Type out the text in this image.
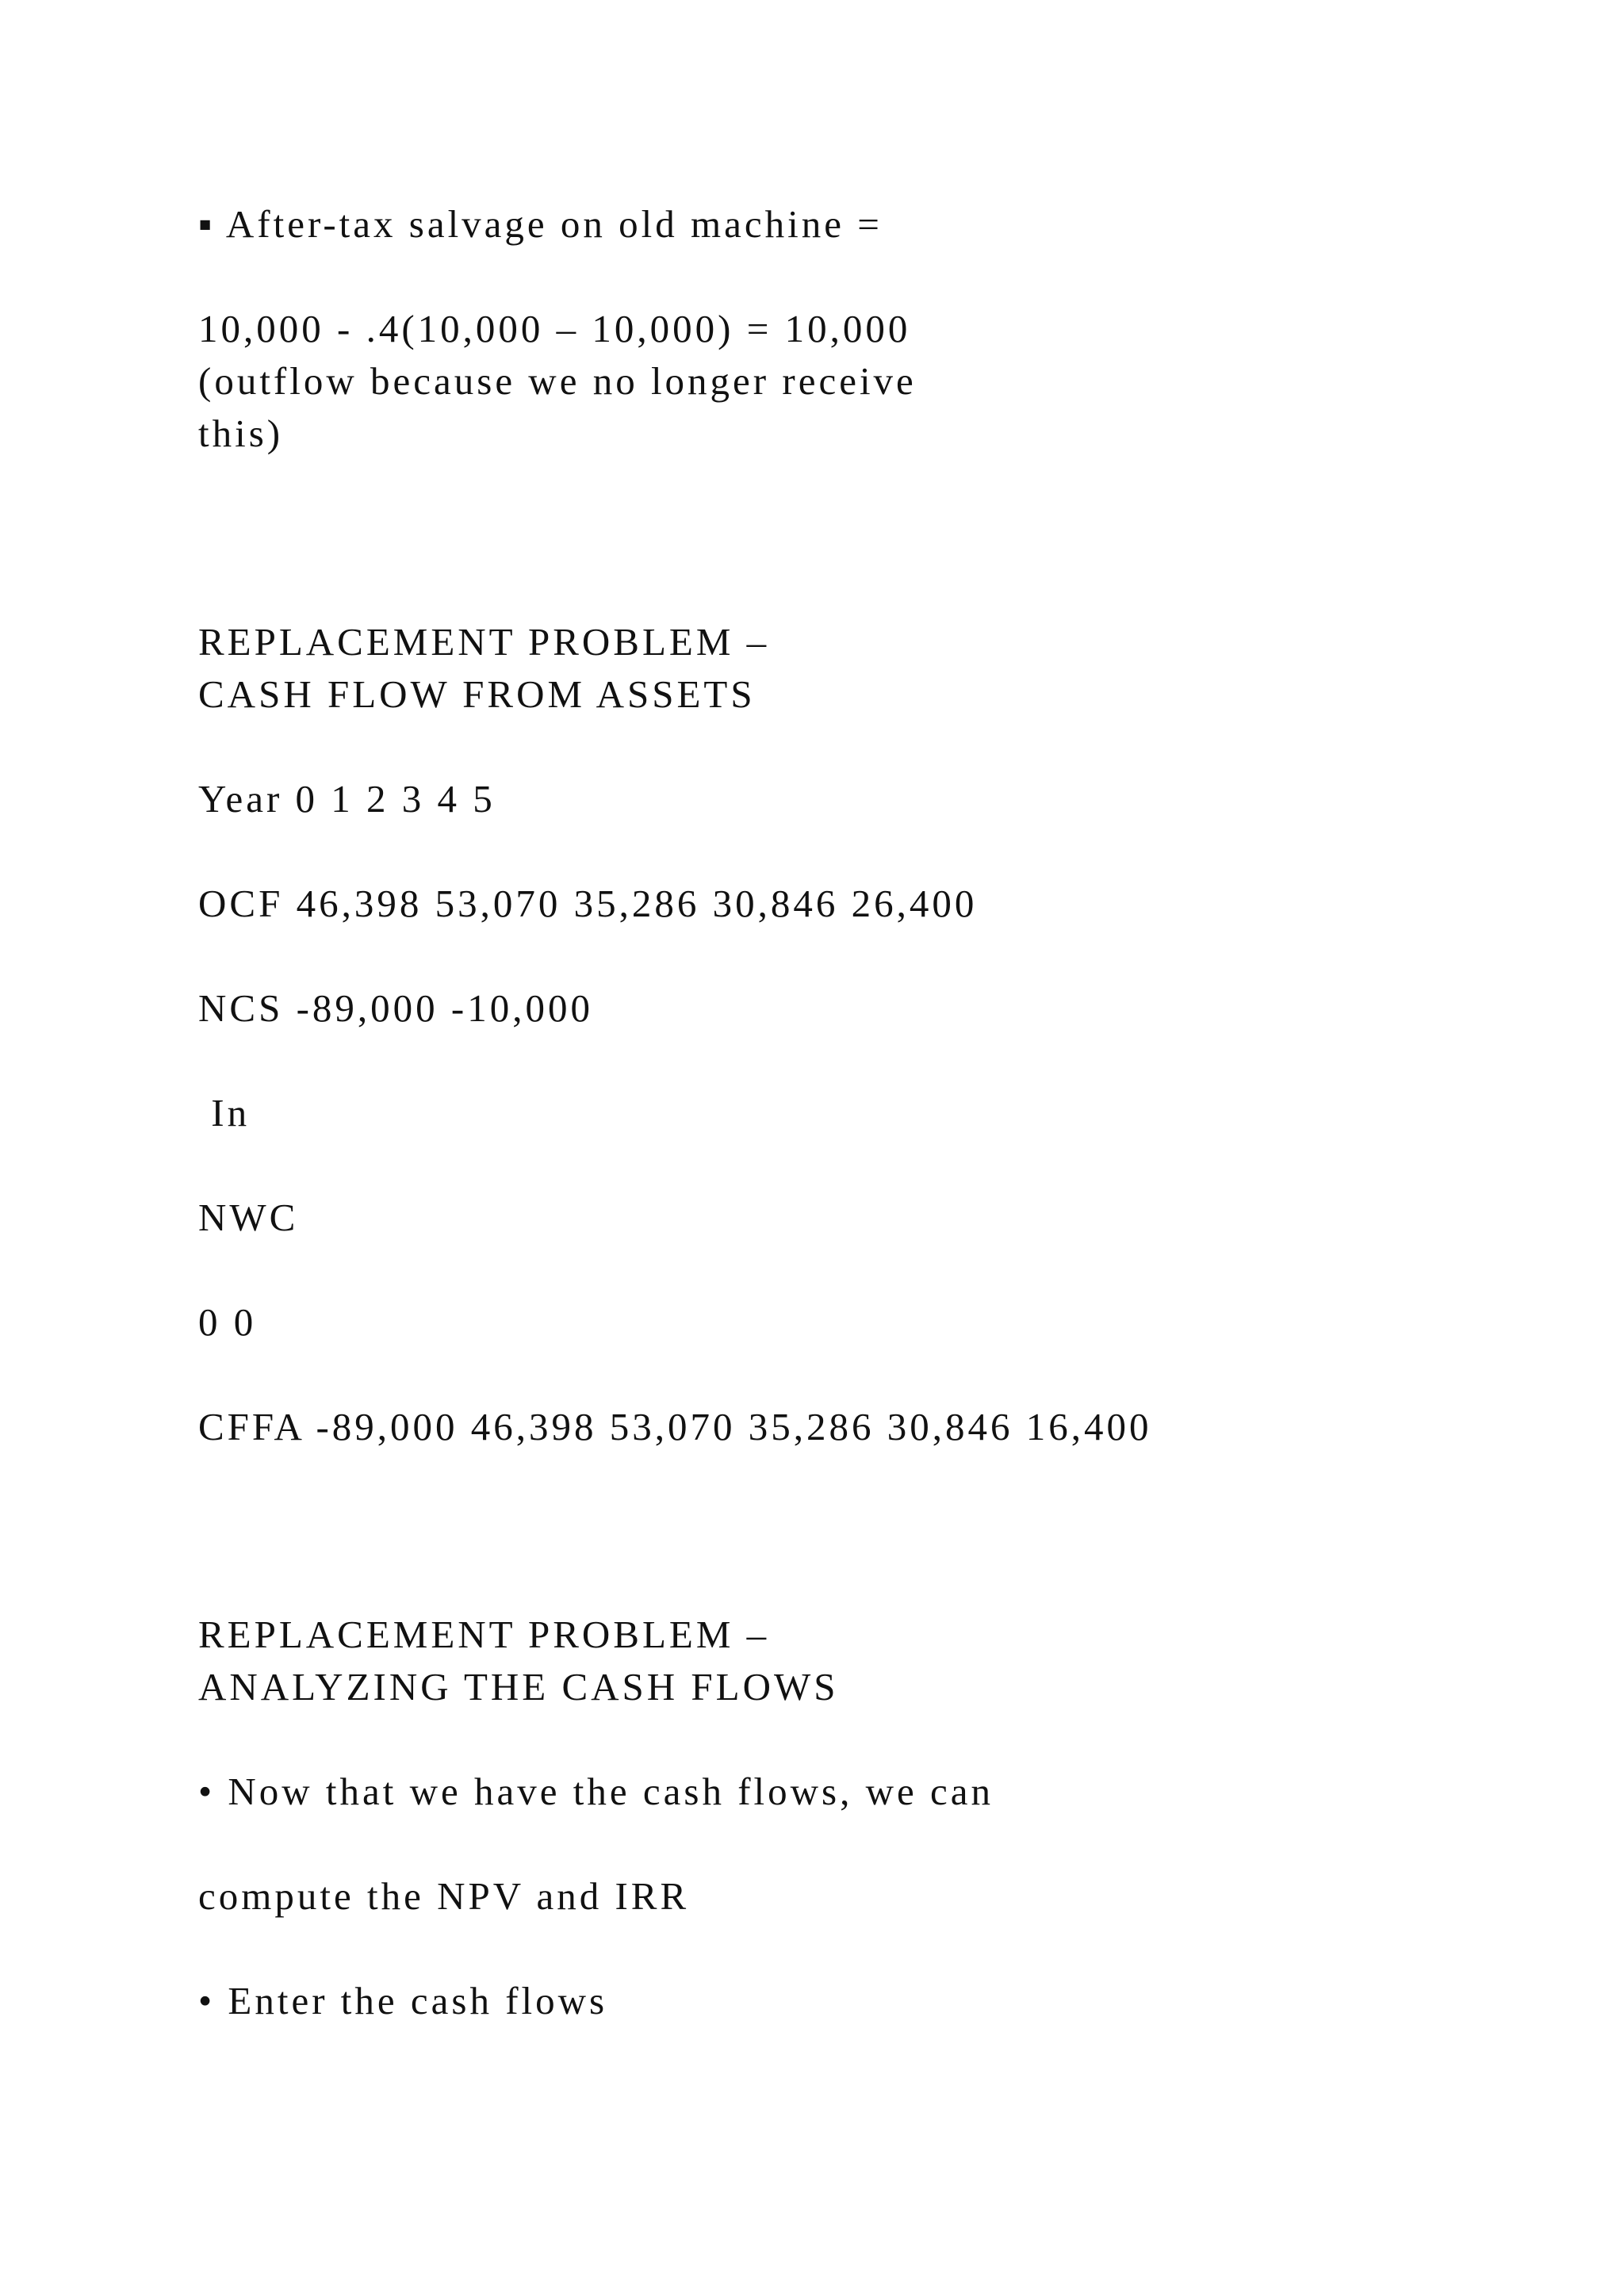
▪ After-tax salvage on old machine =

10,000 - .4(10,000 – 10,000) = 10,000

(outflow because we no longer receive

this)

REPLACEMENT PROBLEM –

CASH FLOW FROM ASSETS

Year 0 1 2 3 4 5

OCF 46,398 53,070 35,286 30,846 26,400

NCS -89,000 -10,000

In

NWC

0 0

CFFA -89,000 46,398 53,070 35,286 30,846 16,400

REPLACEMENT PROBLEM –

ANALYZING THE CASH FLOWS

• Now that we have the cash flows, we can

compute the NPV and IRR

• Enter the cash flows
